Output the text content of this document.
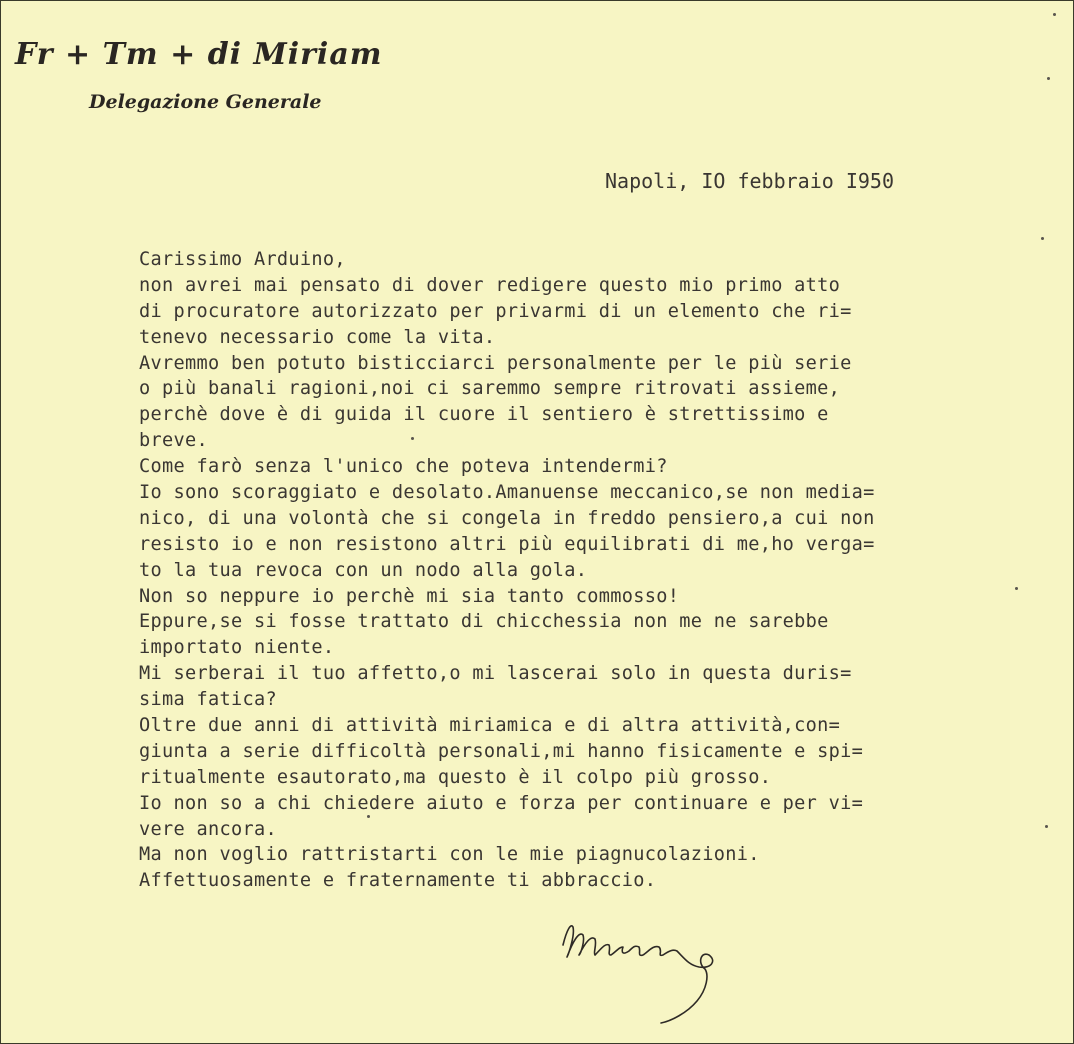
Fr + Tm + di Miriam
Delegazione Generale
Napoli, IO febbraio I950
Carissimo Arduino,
non avrei mai pensato di dover redigere questo mio primo atto
di procuratore autorizzato per privarmi di un elemento che ri=
tenevo necessario come la vita.
Avremmo ben potuto bisticciarci personalmente per le più serie
o più banali ragioni,noi ci saremmo sempre ritrovati assieme,
perchè dove è di guida il cuore il sentiero è strettissimo e
breve.
Come farò senza l'unico che poteva intendermi?
Io sono scoraggiato e desolato.Amanuense meccanico,se non media=
nico, di una volontà che si congela in freddo pensiero,a cui non
resisto io e non resistono altri più equilibrati di me,ho verga=
to la tua revoca con un nodo alla gola.
Non so neppure io perchè mi sia tanto commosso!
Eppure,se si fosse trattato di chicchessia non me ne sarebbe
importato niente.
Mi serberai il tuo affetto,o mi lascerai solo in questa duris=
sima fatica?
Oltre due anni di attività miriamica e di altra attività,con=
giunta a serie difficoltà personali,mi hanno fisicamente e spi=
ritualmente esautorato,ma questo è il colpo più grosso.
Io non so a chi chiedere aiuto e forza per continuare e per vi=
vere ancora.
Ma non voglio rattristarti con le mie piagnucolazioni.
Affettuosamente e fraternamente ti abbraccio.
